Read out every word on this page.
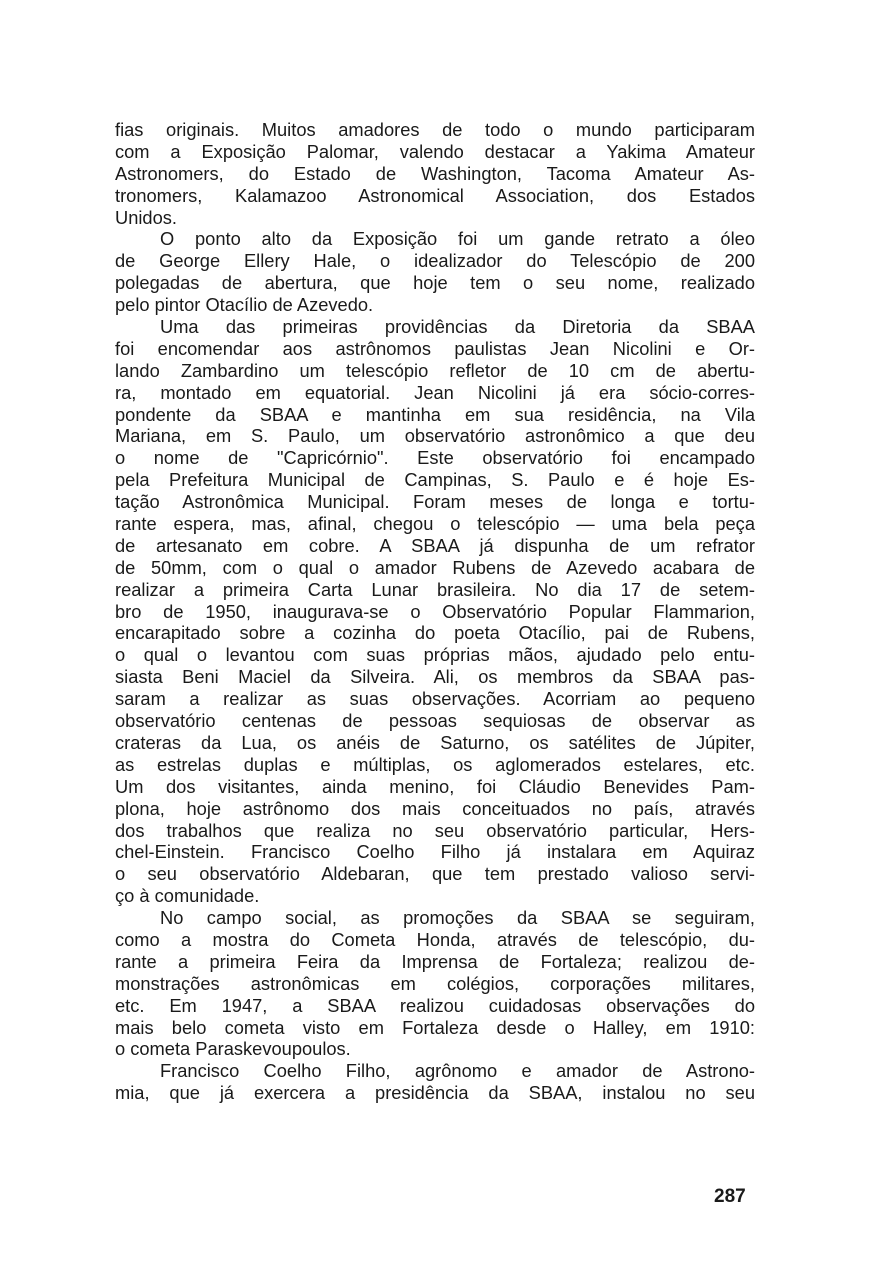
fias originais. Muitos amadores de todo o mundo participaram
com a Exposição Palomar, valendo destacar a Yakima Amateur
Astronomers, do Estado de Washington, Tacoma Amateur As-
tronomers, Kalamazoo Astronomical Association, dos Estados
Unidos.
O ponto alto da Exposição foi um gande retrato a óleo
de George Ellery Hale, o idealizador do Telescópio de 200
polegadas de abertura, que hoje tem o seu nome, realizado
pelo pintor Otacílio de Azevedo.
Uma das primeiras providências da Diretoria da SBAA
foi encomendar aos astrônomos paulistas Jean Nicolini e Or-
lando Zambardino um telescópio refletor de 10 cm de abertu-
ra, montado em equatorial. Jean Nicolini já era sócio-corres-
pondente da SBAA e mantinha em sua residência, na Vila
Mariana, em S. Paulo, um observatório astronômico a que deu
o nome de "Capricórnio". Este observatório foi encampado
pela Prefeitura Municipal de Campinas, S. Paulo e é hoje Es-
tação Astronômica Municipal. Foram meses de longa e tortu-
rante espera, mas, afinal, chegou o telescópio — uma bela peça
de artesanato em cobre. A SBAA já dispunha de um refrator
de 50mm, com o qual o amador Rubens de Azevedo acabara de
realizar a primeira Carta Lunar brasileira. No dia 17 de setem-
bro de 1950, inaugurava-se o Observatório Popular Flammarion,
encarapitado sobre a cozinha do poeta Otacílio, pai de Rubens,
o qual o levantou com suas próprias mãos, ajudado pelo entu-
siasta Beni Maciel da Silveira. Ali, os membros da SBAA pas-
saram a realizar as suas observações. Acorriam ao pequeno
observatório centenas de pessoas sequiosas de observar as
crateras da Lua, os anéis de Saturno, os satélites de Júpiter,
as estrelas duplas e múltiplas, os aglomerados estelares, etc.
Um dos visitantes, ainda menino, foi Cláudio Benevides Pam-
plona, hoje astrônomo dos mais conceituados no país, através
dos trabalhos que realiza no seu observatório particular, Hers-
chel-Einstein. Francisco Coelho Filho já instalara em Aquiraz
o seu observatório Aldebaran, que tem prestado valioso servi-
ço à comunidade.
No campo social, as promoções da SBAA se seguiram,
como a mostra do Cometa Honda, através de telescópio, du-
rante a primeira Feira da Imprensa de Fortaleza; realizou de-
monstrações astronômicas em colégios, corporações militares,
etc. Em 1947, a SBAA realizou cuidadosas observações do
mais belo cometa visto em Fortaleza desde o Halley, em 1910:
o cometa Paraskevoupoulos.
Francisco Coelho Filho, agrônomo e amador de Astrono-
mia, que já exercera a presidência da SBAA, instalou no seu
287
